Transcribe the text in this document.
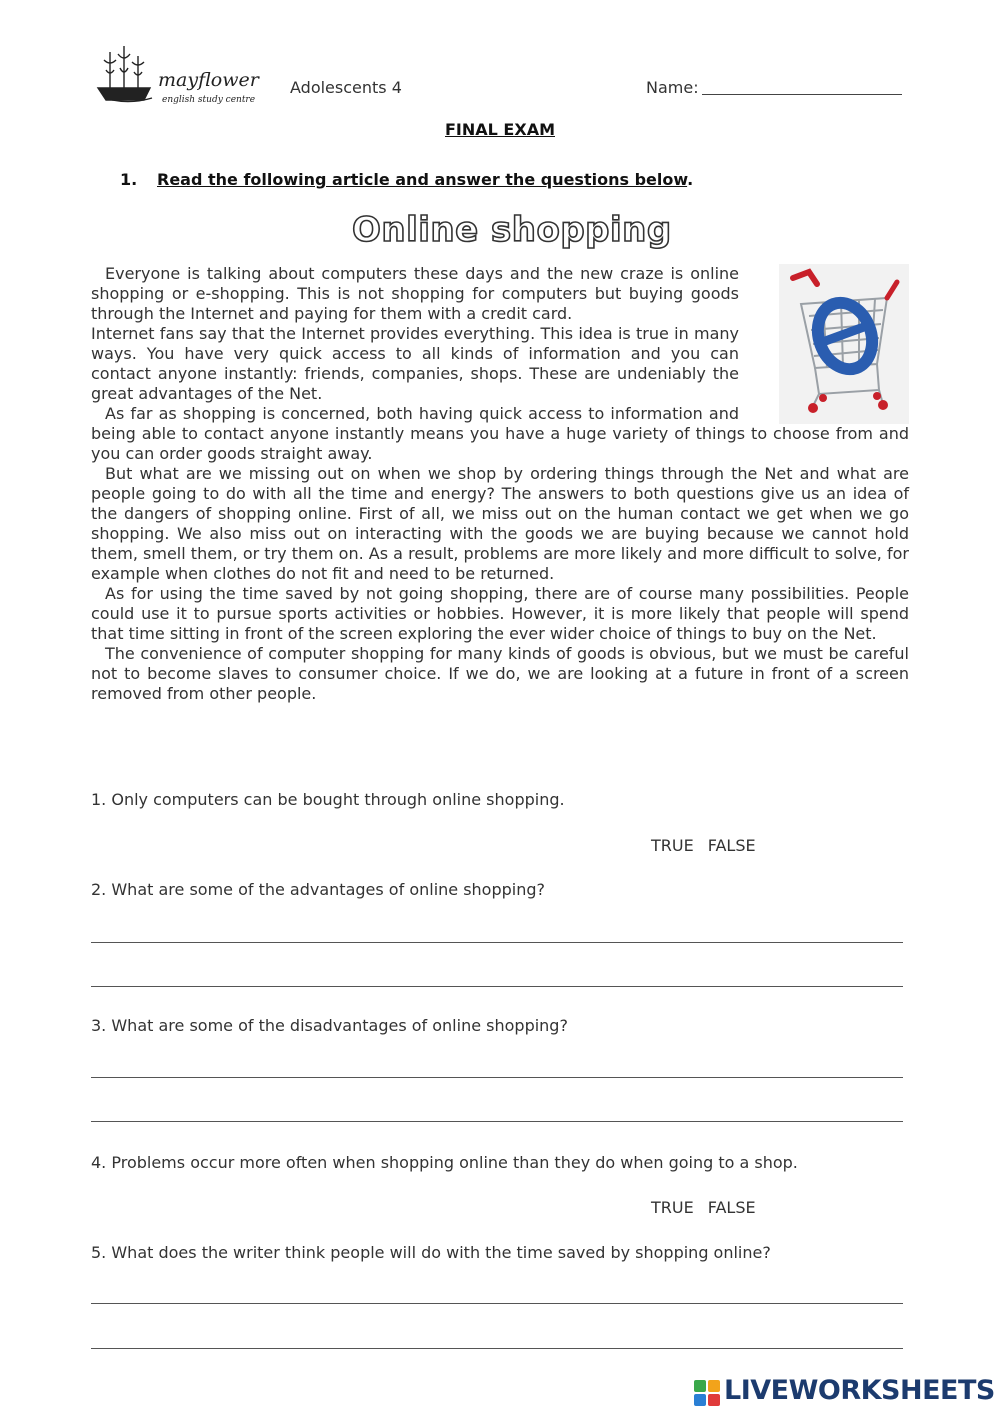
mayflower
english study centre
Adolescents 4	Name:
FINAL EXAM
1. Read the following article and answer the questions below.
Online shopping

Everyone is talking about computers these days and the new craze is online shopping or e-shopping. This is not shopping for computers but buying goods through the Internet and paying for them with a credit card.

Internet fans say that the Internet provides everything. This idea is true in many ways. You have very quick access to all kinds of information and you can contact anyone instantly: friends, companies, shops. These are undeniably the great advantages of the Net.

As far as shopping is concerned, both having quick access to information and being able to contact anyone instantly means you have a huge variety of things to choose from and you can order goods straight away.

But what are we missing out on when we shop by ordering things through the Net and what are people going to do with all the time and energy? The answers to both questions give us an idea of the dangers of shopping online. First of all, we miss out on the human contact we get when we go shopping. We also miss out on interacting with the goods we are buying because we cannot hold them, smell them, or try them on. As a result, problems are more likely and more difficult to solve, for example when clothes do not fit and need to be returned.

As for using the time saved by not going shopping, there are of course many possibilities. People could use it to pursue sports activities or hobbies. However, it is more likely that people will spend that time sitting in front of the screen exploring the ever wider choice of things to buy on the Net.

The convenience of computer shopping for many kinds of goods is obvious, but we must be careful not to become slaves to consumer choice. If we do, we are looking at a future in front of a screen removed from other people.

1. Only computers can be bought through online shopping.
TRUE FALSE
2. What are some of the advantages of online shopping?
3. What are some of the disadvantages of online shopping?
4. Problems occur more often when shopping online than they do when going to a shop.
TRUE FALSE
5. What does the writer think people will do with the time saved by shopping online?
LIVEWORKSHEETS
